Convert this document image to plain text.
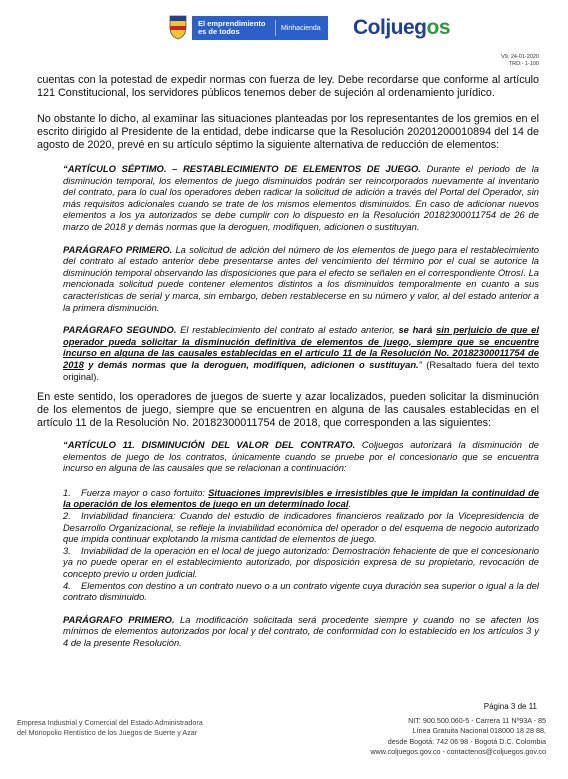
El emprendimiento
es de todos	Minhacienda Coljuegos
V9, 24-01-2020
TRD:- 1-100

cuentas con la potestad de expedir normas con fuerza de ley. Debe recordarse que conforme al artículo 121 Constitucional, los servidores públicos tenemos deber de sujeción al ordenamiento jurídico.

No obstante lo dicho, al examinar las situaciones planteadas por los representantes de los gremios en el escrito dirigido al Presidente de la entidad, debe indicarse que la Resolución 20201200010894 del 14 de agosto de 2020, prevé en su artículo séptimo la siguiente alternativa de reducción de elementos:

“ARTÍCULO SÉPTIMO. – RESTABLECIMIENTO DE ELEMENTOS DE JUEGO. Durante el periodo de la disminución temporal, los elementos de juego disminuidos podrán ser reincorporados nuevamente al inventario del contrato, para lo cual los operadores deben radicar la solicitud de adición a través del Portal del Operador, sin más requisitos adicionales cuando se trate de los mismos elementos disminuidos. En caso de adicionar nuevos elementos a los ya autorizados se debe cumplir con lo dispuesto en la Resolución 20182300011754 de 26 de marzo de 2018 y demás normas que la deroguen, modifiquen, adicionen o sustituyan.

PARÁGRAFO PRIMERO. La solicitud de adición del número de los elementos de juego para el restablecimiento del contrato al estado anterior debe presentarse antes del vencimiento del término por el cual se autorice la disminución temporal observando las disposiciones que para el efecto se señalen en el correspondiente Otrosí. La mencionada solicitud puede contener elementos distintos a los disminuidos temporalmente en cuanto a sus características de serial y marca, sin embargo, deben restablecerse en su número y valor, al del estado anterior a la primera disminución.

PARÁGRAFO SEGUNDO. El restablecimiento del contrato al estado anterior, se hará sin perjuicio de que el operador pueda solicitar la disminución definitiva de elementos de juego, siempre que se encuentre incurso en alguna de las causales establecidas en el artículo 11 de la Resolución No. 20182300011754 de 2018 y demás normas que la deroguen, modifiquen, adicionen o sustituyan.” (Resaltado fuera del texto original).

En este sentido, los operadores de juegos de suerte y azar localizados, pueden solicitar la disminución de los elementos de juego, siempre que se encuentren en alguna de las causales establecidas en el artículo 11 de la Resolución No. 20182300011754 de 2018, que corresponden a las siguientes:

“ARTÍCULO 11. DISMINUCIÓN DEL VALOR DEL CONTRATO. Coljuegos autorizará la disminución de elementos de juego de los contratos, únicamente cuando se pruebe por el concesionario que se encuentra incurso en alguna de las causales que se relacionan a continuación:

1. Fuerza mayor o caso fortuito: Situaciones imprevisibles e irresistibles que le impidan la continuidad de la operación de los elementos de juego en un determinado local.

2. Inviabilidad financiera: Cuando del estudio de indicadores financieros realizado por la Vicepresidencia de Desarrollo Organizacional, se refleje la inviabilidad económica del operador o del esquema de negocio autorizado que impida continuar explotando la misma cantidad de elementos de juego.

3. Inviabilidad de la operación en el local de juego autorizado: Demostración fehaciente de que el concesionario ya no puede operar en el establecimiento autorizado, por disposición expresa de su propietario, revocación de concepto previo u orden judicial.

4. Elementos con destino a un contrato nuevo o a un contrato vigente cuya duración sea superior o igual a la del contrato disminuido.

PARÁGRAFO PRIMERO. La modificación solicitada será procedente siempre y cuando no se afecten los mínimos de elementos autorizados por local y del contrato, de conformidad con lo establecido en los artículos 3 y 4 de la presente Resolución.

Página 3 de 11
Empresa Industrial y Comercial del Estado Administradora
del Monopolio Rentístico de los Juegos de Suerte y Azar
NIT: 900.500.060-5 - Carrera 11 Nº93A - 85
Línea Gratuita Nacional 018000 18 28 88,
desde Bogotá: 742 06 98 - Bogotá D.C. Colombia
www.coljuegos.gov.co - contactenos@coljuegos.gov.co
